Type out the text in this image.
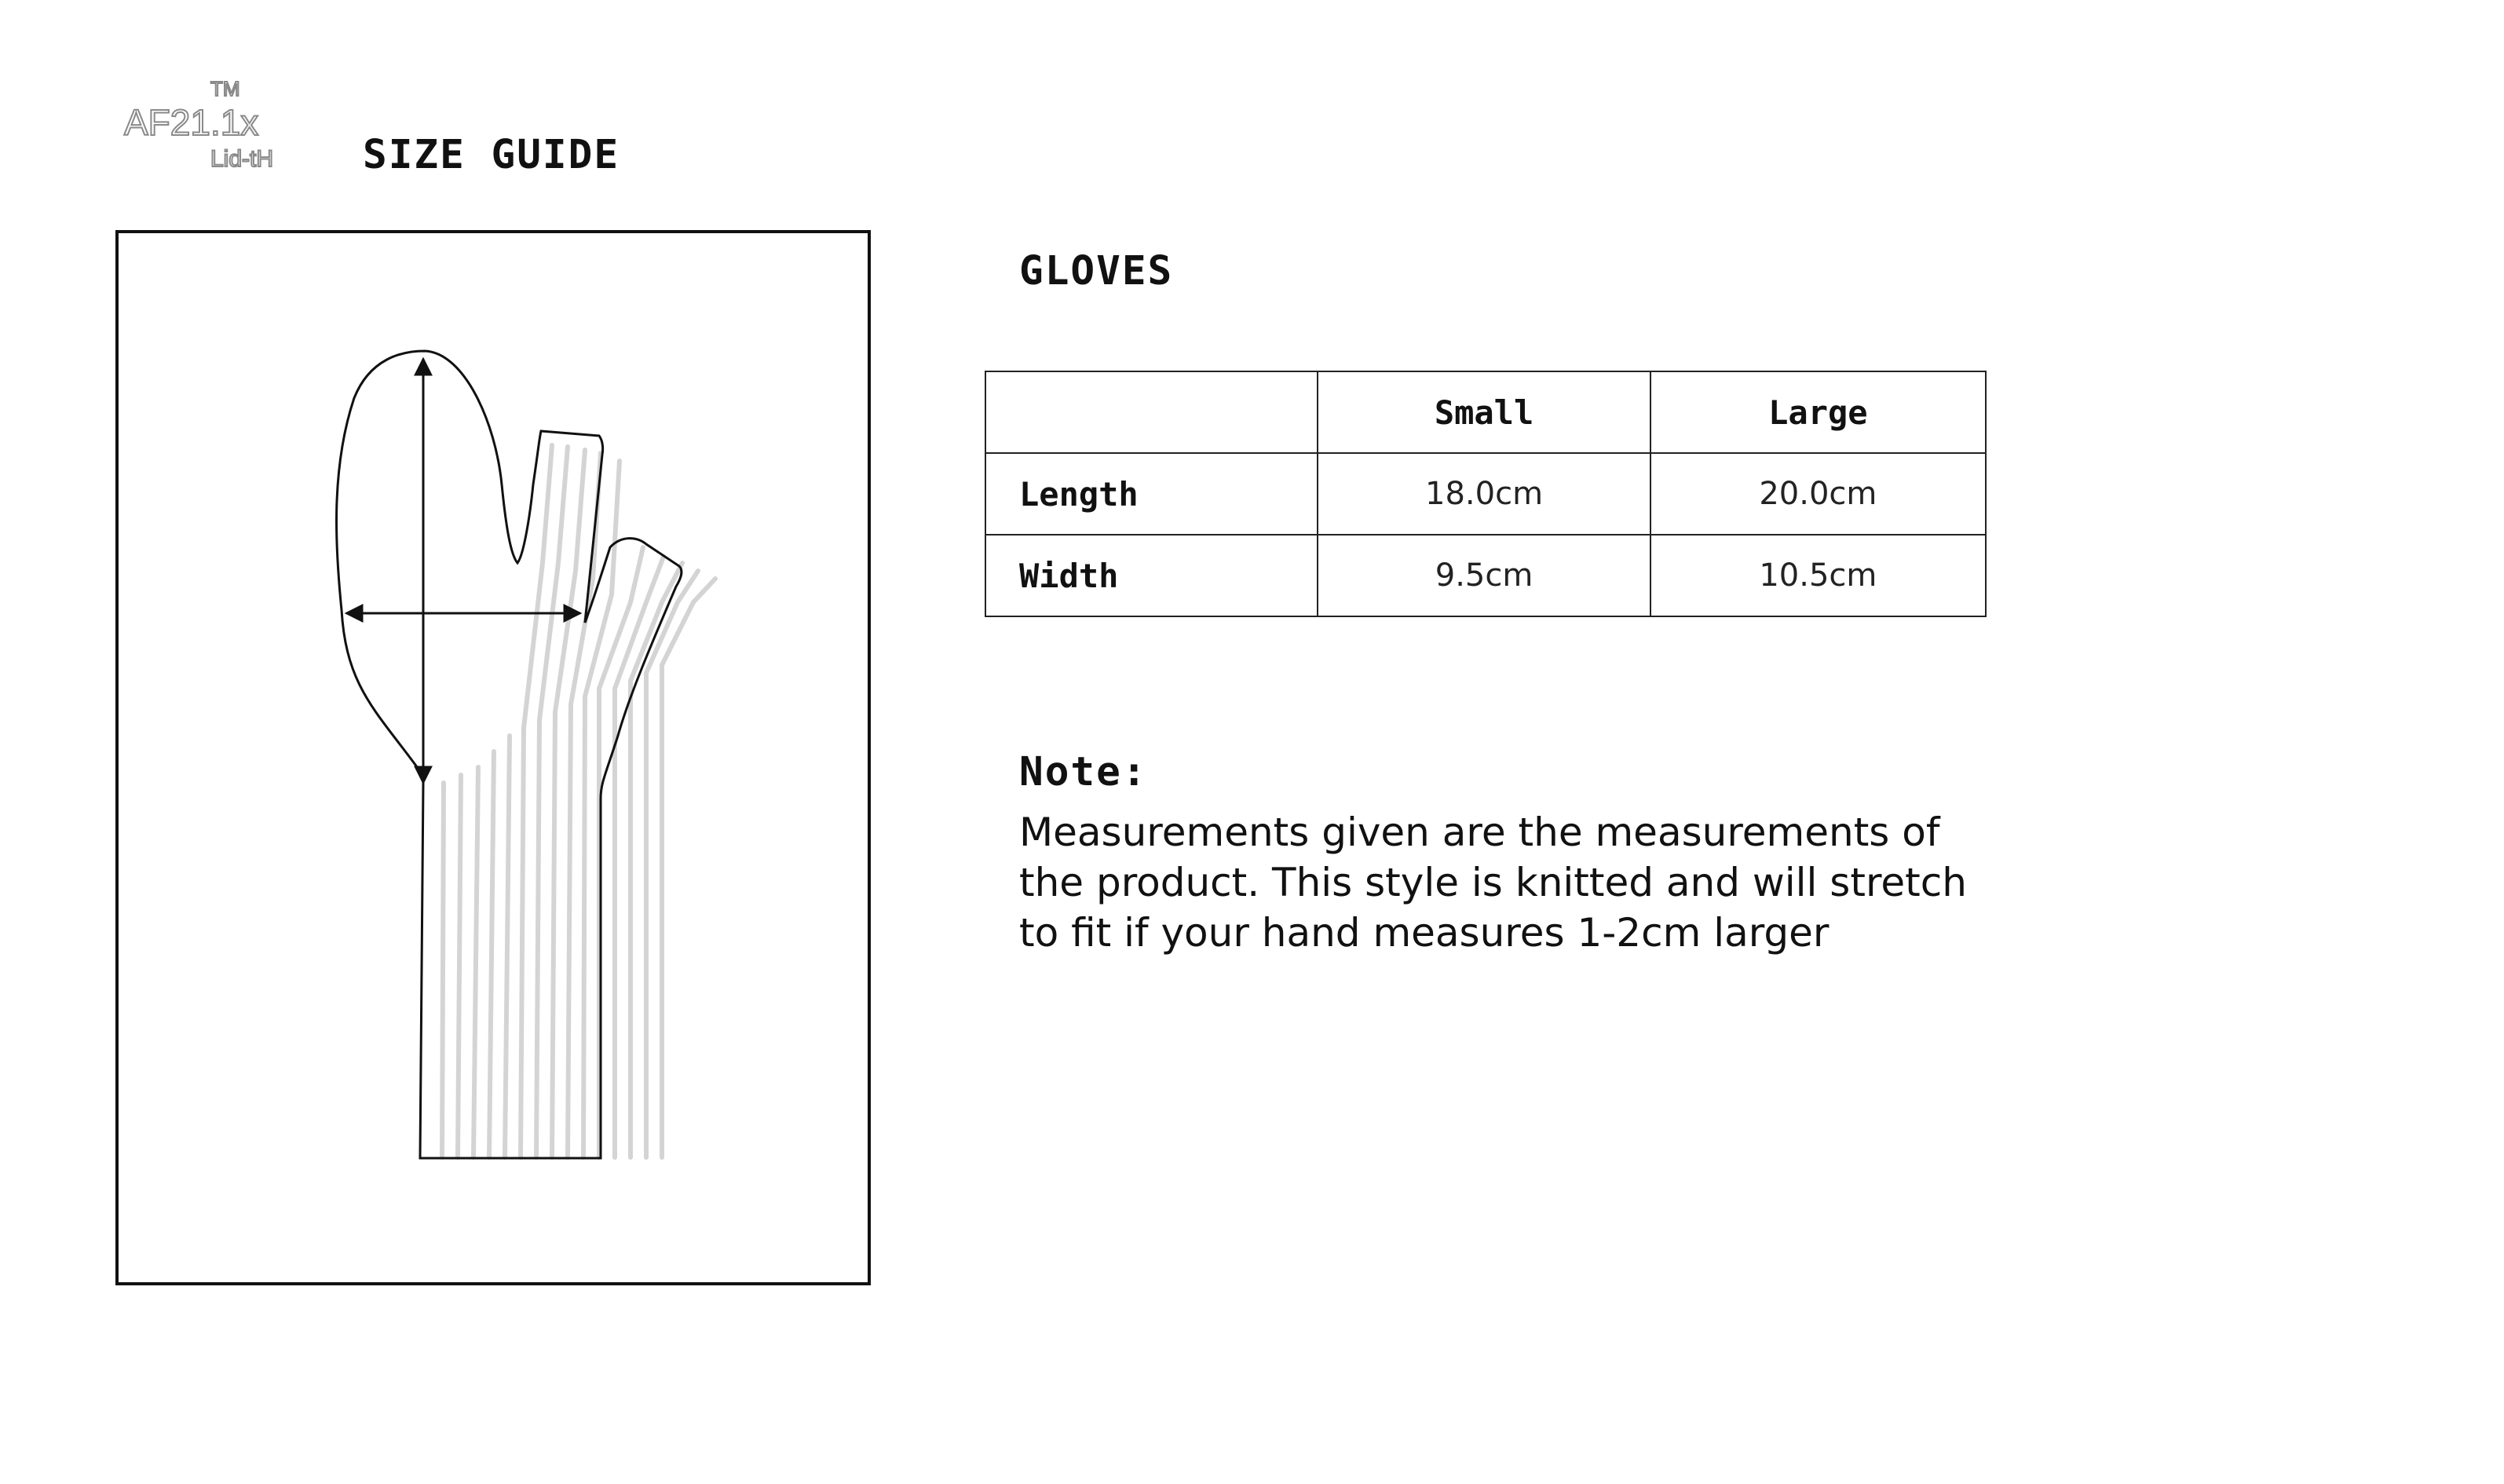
AF21.1x
TM
Lid-tH SIZE GUIDE
GLOVES
	Small	Large
Length	18.0cm	20.0cm
Width	9.5cm	10.5cm
Note:
Measurements given are the measurements of the product. This style is knitted and will stretch to fit if your hand measures 1-2cm larger
